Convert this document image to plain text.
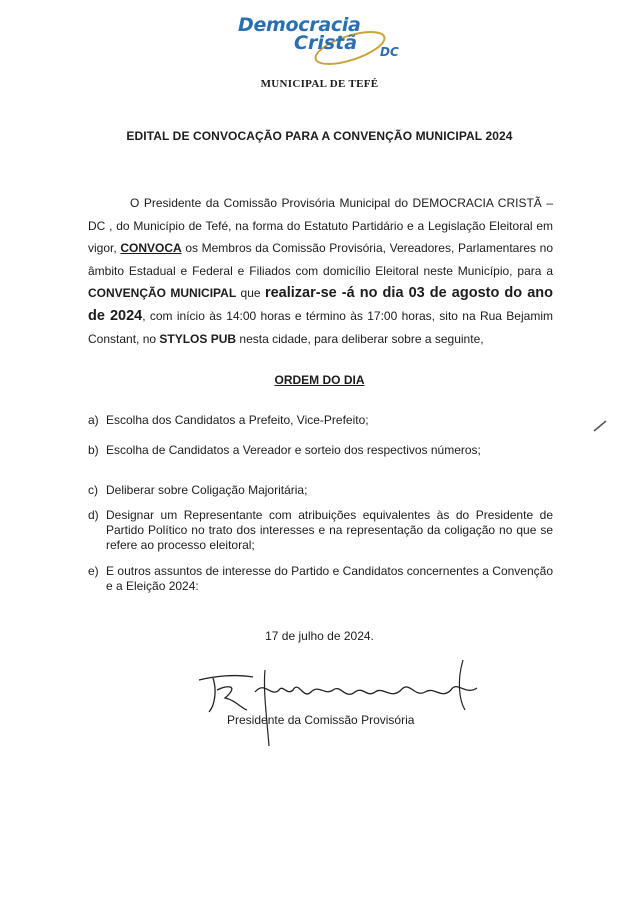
Democracia
Cristã DC
MUNICIPAL DE TEFÉ
EDITAL DE CONVOCAÇÃO PARA A CONVENÇÃO MUNICIPAL 2024

O Presidente da Comissão Provisória Municipal do DEMOCRACIA CRISTÃ – DC , do Município de Tefé, na forma do Estatuto Partidário e a Legislação Eleitoral em vigor, CONVOCA os Membros da Comissão Provisória, Vereadores, Parlamentares no âmbito Estadual e Federal e Filiados com domicílio Eleitoral neste Município, para a CONVENÇÃO MUNICIPAL que realizar-se -á no dia 03 de agosto do ano de 2024, com início às 14:00 horas e término às 17:00 horas, sito na Rua Bejamim Constant, no STYLOS PUB nesta cidade, para deliberar sobre a seguinte,

ORDEM DO DIA
a) Escolha dos Candidatos a Prefeito, Vice-Prefeito;
b) Escolha de Candidatos a Vereador e sorteio dos respectivos números;
c) Deliberar sobre Coligação Majoritária;
d) Designar um Representante com atribuições equivalentes às do Presidente de Partido Político no trato dos interesses e na representação da coligação no que se refere ao processo eleitoral;
e) E outros assuntos de interesse do Partido e Candidatos concernentes a Convenção e a Eleição 2024:
17 de julho de 2024.
Presidente da Comissão Provisória
